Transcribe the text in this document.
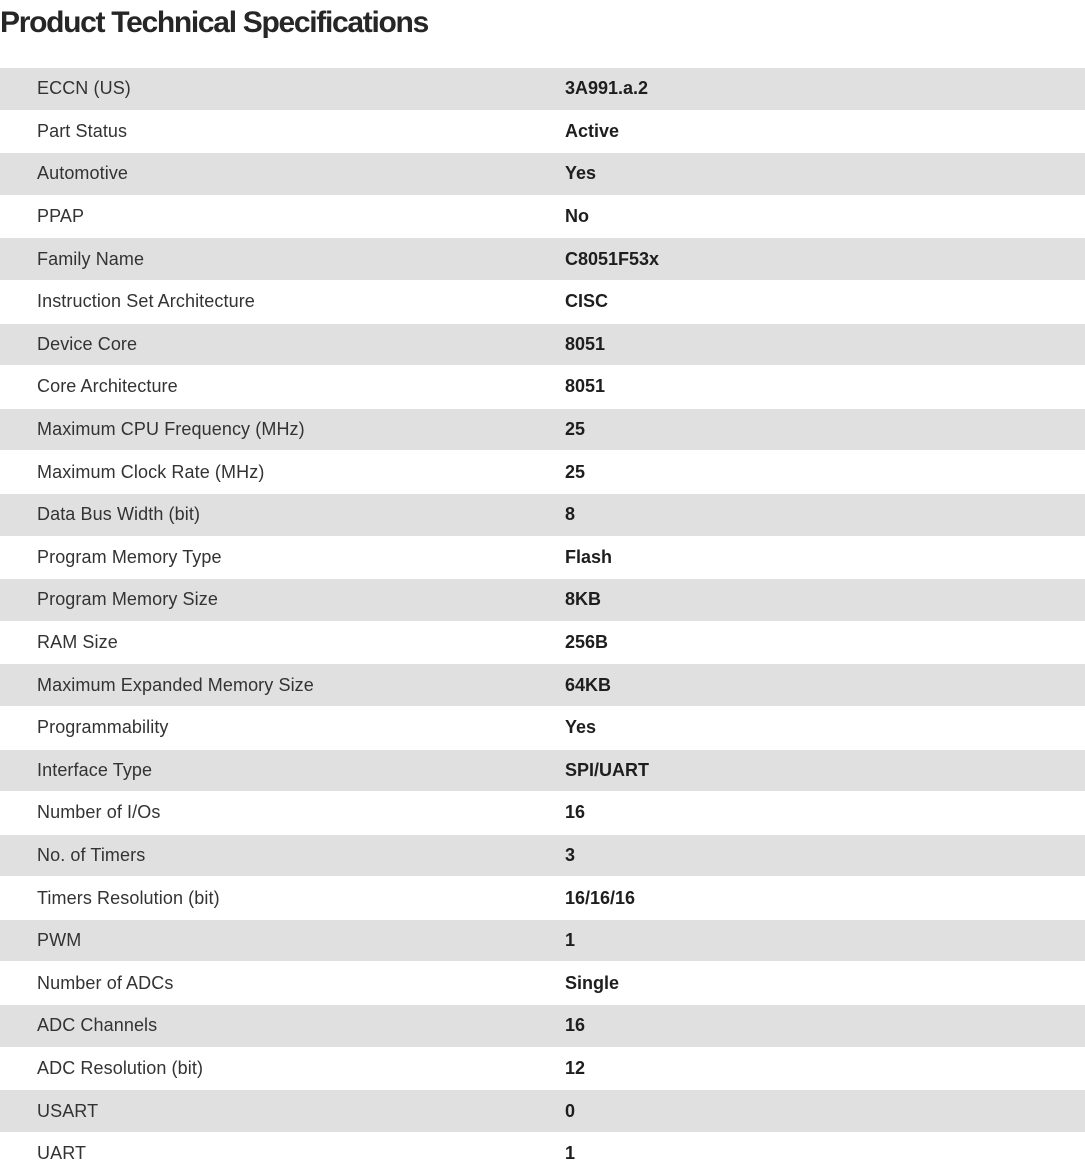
Product Technical Specifications
ECCN (US)	3A991.a.2
Part Status	Active
Automotive	Yes
PPAP	No
Family Name	C8051F53x
Instruction Set Architecture	CISC
Device Core	8051
Core Architecture	8051
Maximum CPU Frequency (MHz)	25
Maximum Clock Rate (MHz)	25
Data Bus Width (bit)	8
Program Memory Type	Flash
Program Memory Size	8KB
RAM Size	256B
Maximum Expanded Memory Size	64KB
Programmability	Yes
Interface Type	SPI/UART
Number of I/Os	16
No. of Timers	3
Timers Resolution (bit)	16/16/16
PWM	1
Number of ADCs	Single
ADC Channels	16
ADC Resolution (bit)	12
USART	0
UART	1
